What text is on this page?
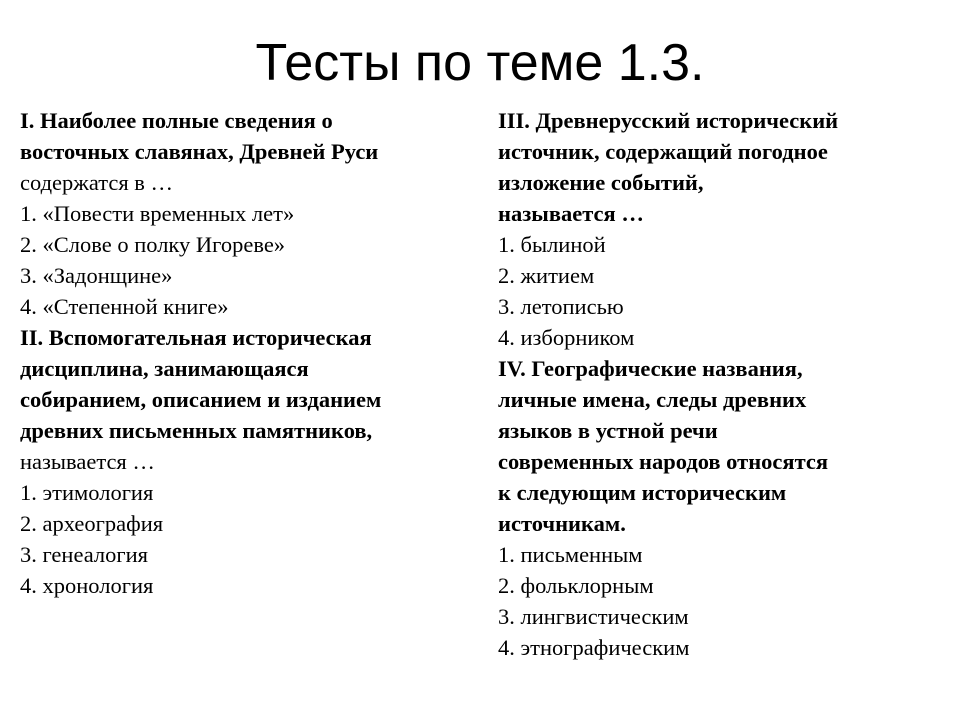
Тесты по теме 1.3.
I. Наиболее полные сведения о
восточных славянах, Древней Руси
содержатся в …
1. «Повести временных лет»
2. «Слове о полку Игореве»
3. «Задонщине»
4. «Степенной книге»
II. Вспомогательная историческая
дисциплина, занимающаяся
собиранием, описанием и изданием
древних письменных памятников,
называется …
1. этимология
2. археография
3. генеалогия
4. хронология
III. Древнерусский исторический
источник, содержащий погодное
изложение событий,
называется …
1. былиной
2. житием
3. летописью
4. изборником
IV. Географические названия,
личные имена, следы древних
языков в устной речи
современных народов относятся
к следующим историческим
источникам.
1. письменным
2. фольклорным
3. лингвистическим
4. этнографическим
